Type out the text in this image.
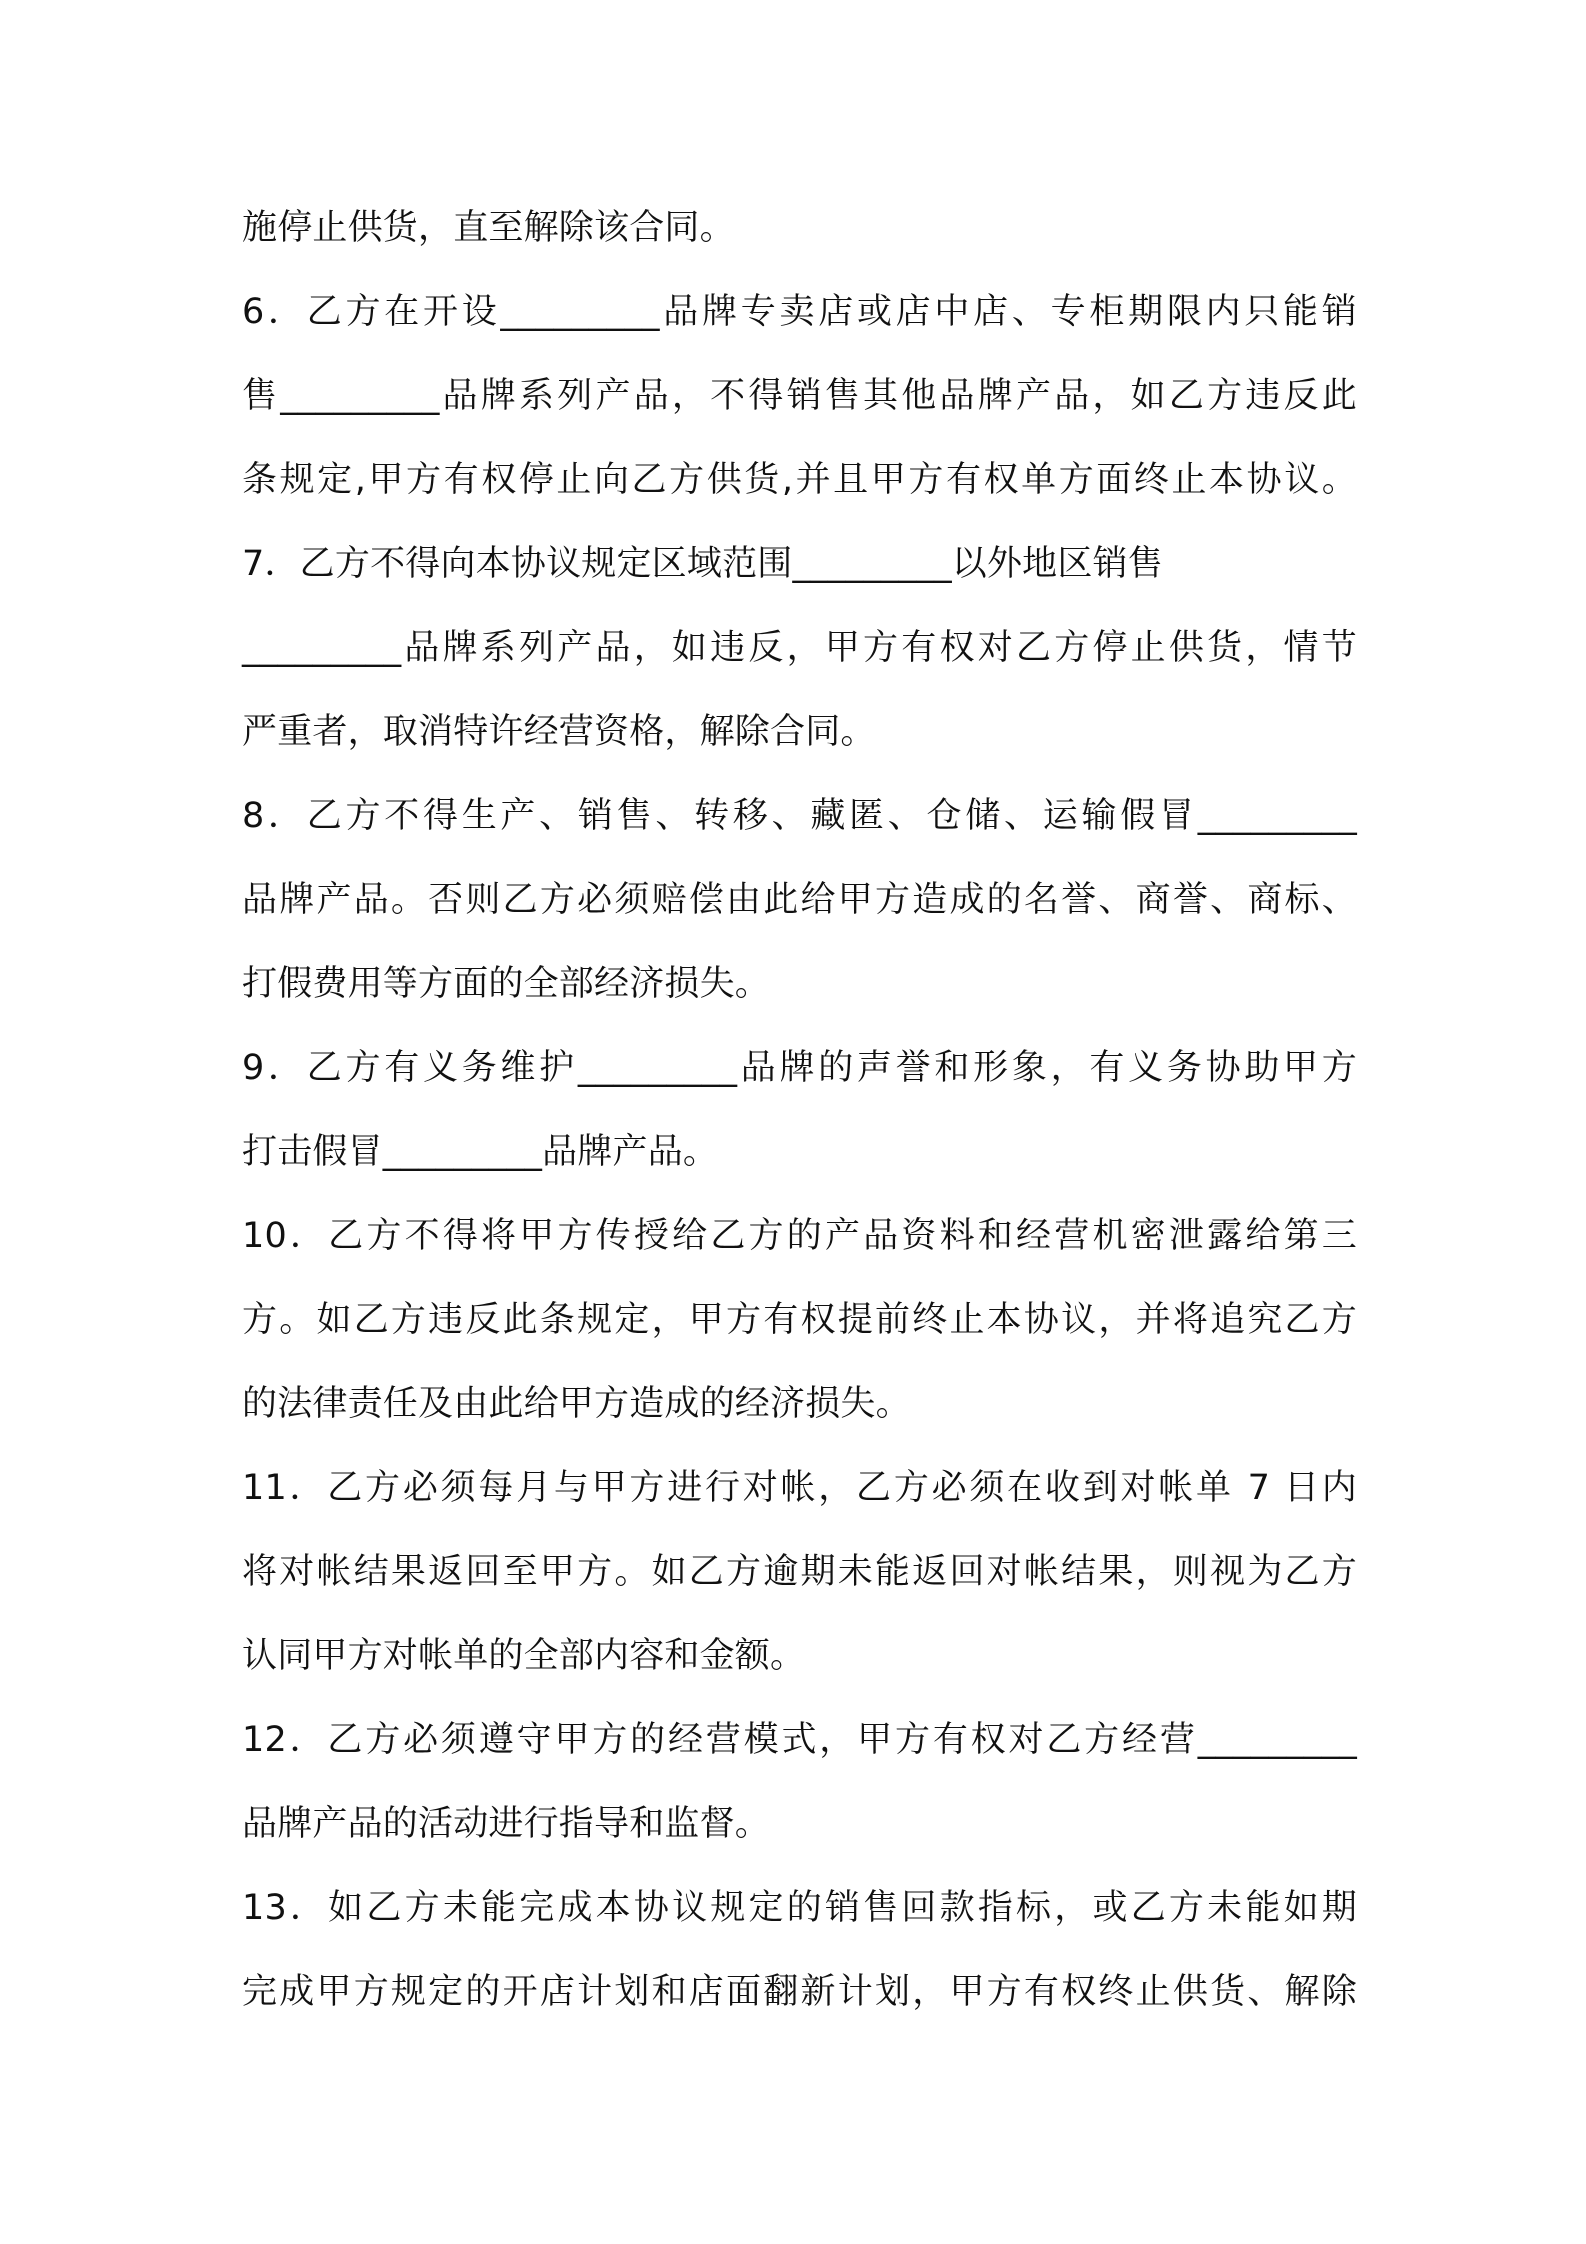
施停止供货，直至解除该合同。
6．乙方在开设_________品牌专卖店或店中店、专柜期限内只能销
售_________品牌系列产品，不得销售其他品牌产品，如乙方违反此
条规定,甲方有权停止向乙方供货,并且甲方有权单方面终止本协议。
7．乙方不得向本协议规定区域范围_________以外地区销售
_________品牌系列产品，如违反，甲方有权对乙方停止供货，情节
严重者，取消特许经营资格，解除合同。
8．乙方不得生产、销售、转移、藏匿、仓储、运输假冒_________
品牌产品。否则乙方必须赔偿由此给甲方造成的名誉、商誉、商标、
打假费用等方面的全部经济损失。
9．乙方有义务维护_________品牌的声誉和形象，有义务协助甲方
打击假冒_________品牌产品。
10．乙方不得将甲方传授给乙方的产品资料和经营机密泄露给第三
方。如乙方违反此条规定，甲方有权提前终止本协议，并将追究乙方
的法律责任及由此给甲方造成的经济损失。
11．乙方必须每月与甲方进行对帐，乙方必须在收到对帐单 7 日内
将对帐结果返回至甲方。如乙方逾期未能返回对帐结果，则视为乙方
认同甲方对帐单的全部内容和金额。
12．乙方必须遵守甲方的经营模式，甲方有权对乙方经营_________
品牌产品的活动进行指导和监督。
13．如乙方未能完成本协议规定的销售回款指标，或乙方未能如期
完成甲方规定的开店计划和店面翻新计划，甲方有权终止供货、解除
